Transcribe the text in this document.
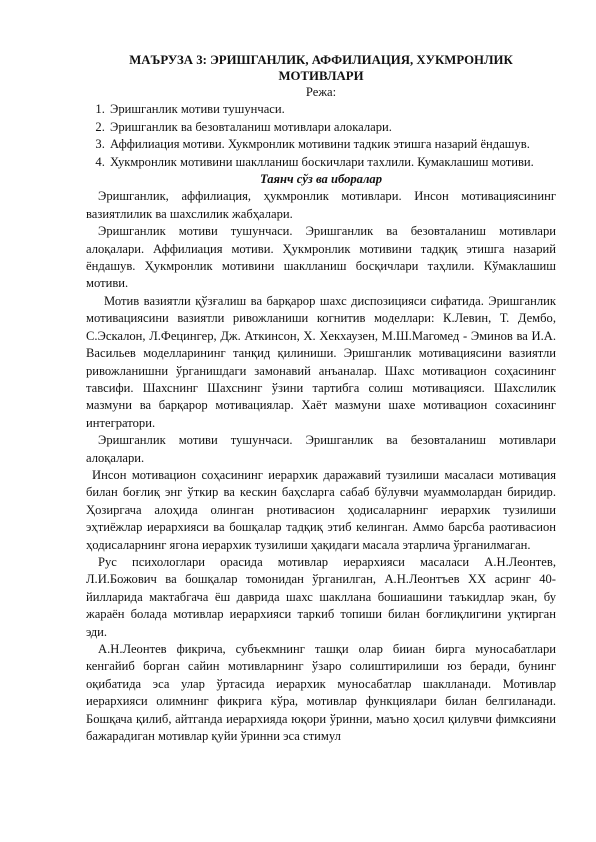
МАЪРУЗА 3: ЭРИШГАНЛИК, АФФИЛИАЦИЯ, ХУКМРОНЛИК
МОТИВЛАРИ
Режа:
1. Эришганлик мотиви тушунчаси.
2. Эришганлик ва безовталаниш мотивлари алокалари.
3. Аффилиация мотиви. Хукмронлик мотивини тадкик этишга назарий ёндашув.
4. Хукмронлик мотивини шаклланиш боскичлари тахлили. Кумаклашиш мотиви.
Таянч сўз ва иборалар

Эришганлик, аффилиация, ҳукмронлик мотивлари. Инсон мотивациясининг вазиятлилик ва шахслилик жабҳалари.

Эришганлик мотиви тушунчаси. Эришганлик ва безовталаниш мотивлари алоқалари. Аффилиация мотиви. Ҳукмронлик мотивини тадқиқ этишга назарий ёндашув. Ҳукмронлик мотивини шаклланиш босқичлари таҳлили. Кўмаклашиш мотиви.

Мотив вазиятли қўзғалиш ва барқарор шахс диспозицияси сифатида. Эришганлик мотивациясини вазиятли ривожланиши когнитив моделлари: К.Левин, Т. Дембо, С.Эскалон, Л.Фецингер, Дж. Аткинсон, Х. Хекхаузен, М.Ш.Магомед - Эминов ва И.А. Васильев моделларининг танқид қилиниши. Эришганлик мотивациясини вазиятли ривожланишни ўрганишдаги замонавий анъаналар. Шахс мотивацион соҳасининг тавсифи. Шахснинг Шахснинг ўзини тартибга солиш мотивацияси. Шахслилик мазмуни ва барқарор мотивациялар. Хаёт мазмуни шахе мотивацион сохасининг интегратори.

Эришганлик мотиви тушунчаси. Эришганлик ва безовталаниш мотивлари алоқалари.

Инсон мотивацион соҳасининг иерархик даражавий тузилиши масаласи мотивация билан боғлиқ энг ўткир ва кескин баҳсларга сабаб бўлувчи муаммолардан биридир. Ҳозиргача алоҳида олинган рнотивасион ҳодисаларнинг иерархик тузилиши эҳтиёжлар иерархияси ва бошқалар тадқиқ этиб келинган. Аммо барсба раотивасион ҳодисаларнинг ягона иерархик тузилиши ҳақидаги масала этарлича ўрганилмаган.

Рус психологлари орасида мотивлар иерархияси масаласи А.Н.Леонтев, Л.И.Божович ва бошқалар томонидан ўрганилган, А.Н.Леонтъев XX асринг 40-йилларида мактабгача ёш даврида шахс шаклланa бошиашини таъкидлар экан, бу жараён болада мотивлар иерархияси таркиб топиши билан боғлиқлигини уқтирган эди.

А.Н.Леонтев фикрича, субъекмнинг ташқи олар бииан бирга муносабатлари кенгайиб борган сайин мотивларнинг ўзаро солиштирилиши юз беради, бунинг оқибатида эса улар ўртасида иерархик муносабатлар шаклланади. Мотивлар иерархияси олимнинг фикрига кўра, мотивлар функциялари билан белгиланади. Бошқача қилиб, айтганда иерархияда юқори ўринни, маъно ҳосил қилувчи фимксияни бажарадиган мотивлар қуйи ўринни эса стимул
